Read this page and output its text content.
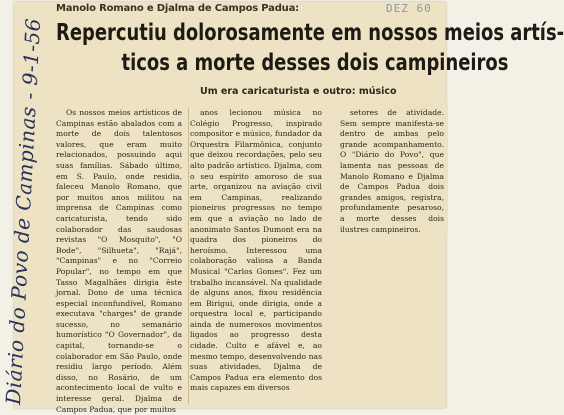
Manolo Romano e Djalma de Campos Padua:	DEZ 60
Repercutiu dolorosamente em nossos meios artís-
ticos a morte desses dois campineiros
Um era caricaturista e outro: músico

Os nossos meios artísticos de Campinas estão abalados com a morte de dois talentosos valores, que eram muito relacionados, possuindo aqui suas famílias. Sábado último, em S. Paulo, onde residia, faleceu Manolo Romano, que por muitos anos militou na imprensa de Campinas como caricaturista, tendo sido colaborador das saudosas revistas "O Mosquito", "O Bode", "Silhueta", "Rajá", "Campinas" e no "Correio Popular", no tempo em que Tasso Magalhães dirigia êste jornal. Dono de uma técnica especial inconfundível, Romano executava "charges" de grande sucesso, no semanário humorístico "O Governador", da capital, tornando-se o colaborador em São Paulo, onde residiu largo período. Além disso, no Rosário, de um acontecimento local de vulto e interesse geral. Djalma de Campos Padua, que por muitos

anos lecionou música no Colégio Progresso, inspirado compositor e músico, fundador da Orquestra Filarmônica, conjunto que deixou recordações, pelo seu alto padrão artístico. Djalma, com o seu espírito amoroso de sua arte, organizou na aviação civil em Campinas, realizando pioneiros progressos no tempo em que a aviação no lado de anonimato Santos Dumont era na quadra dos pioneiros do heroísmo. Interessou uma colaboração valiosa a Banda Musical "Carlos Gomes". Fez um trabalho incansável. Na qualidade de alguns anos, fixou residência em Birigui, onde dirigia, onde a orquestra local e, participando ainda de numerosos movimentos ligados ao progresso desta cidade. Culto e afável e, ao mesmo tempo, desenvolvendo nas suas atividades, Djalma de Campos Padua era elemento dos mais capazes em diversos

setores de atividade. Sem sempre manifesta-se dentro de ambas pelo grande acompanhamento. O "Diário do Povo", que lamenta nas pessoas de Manolo Romano e Djalma de Campos Padua dois grandes amigos, registra, profundamente pesaroso, a morte desses dois ilustres campineiros.

Diário do Povo de Campinas - 9-1-56
